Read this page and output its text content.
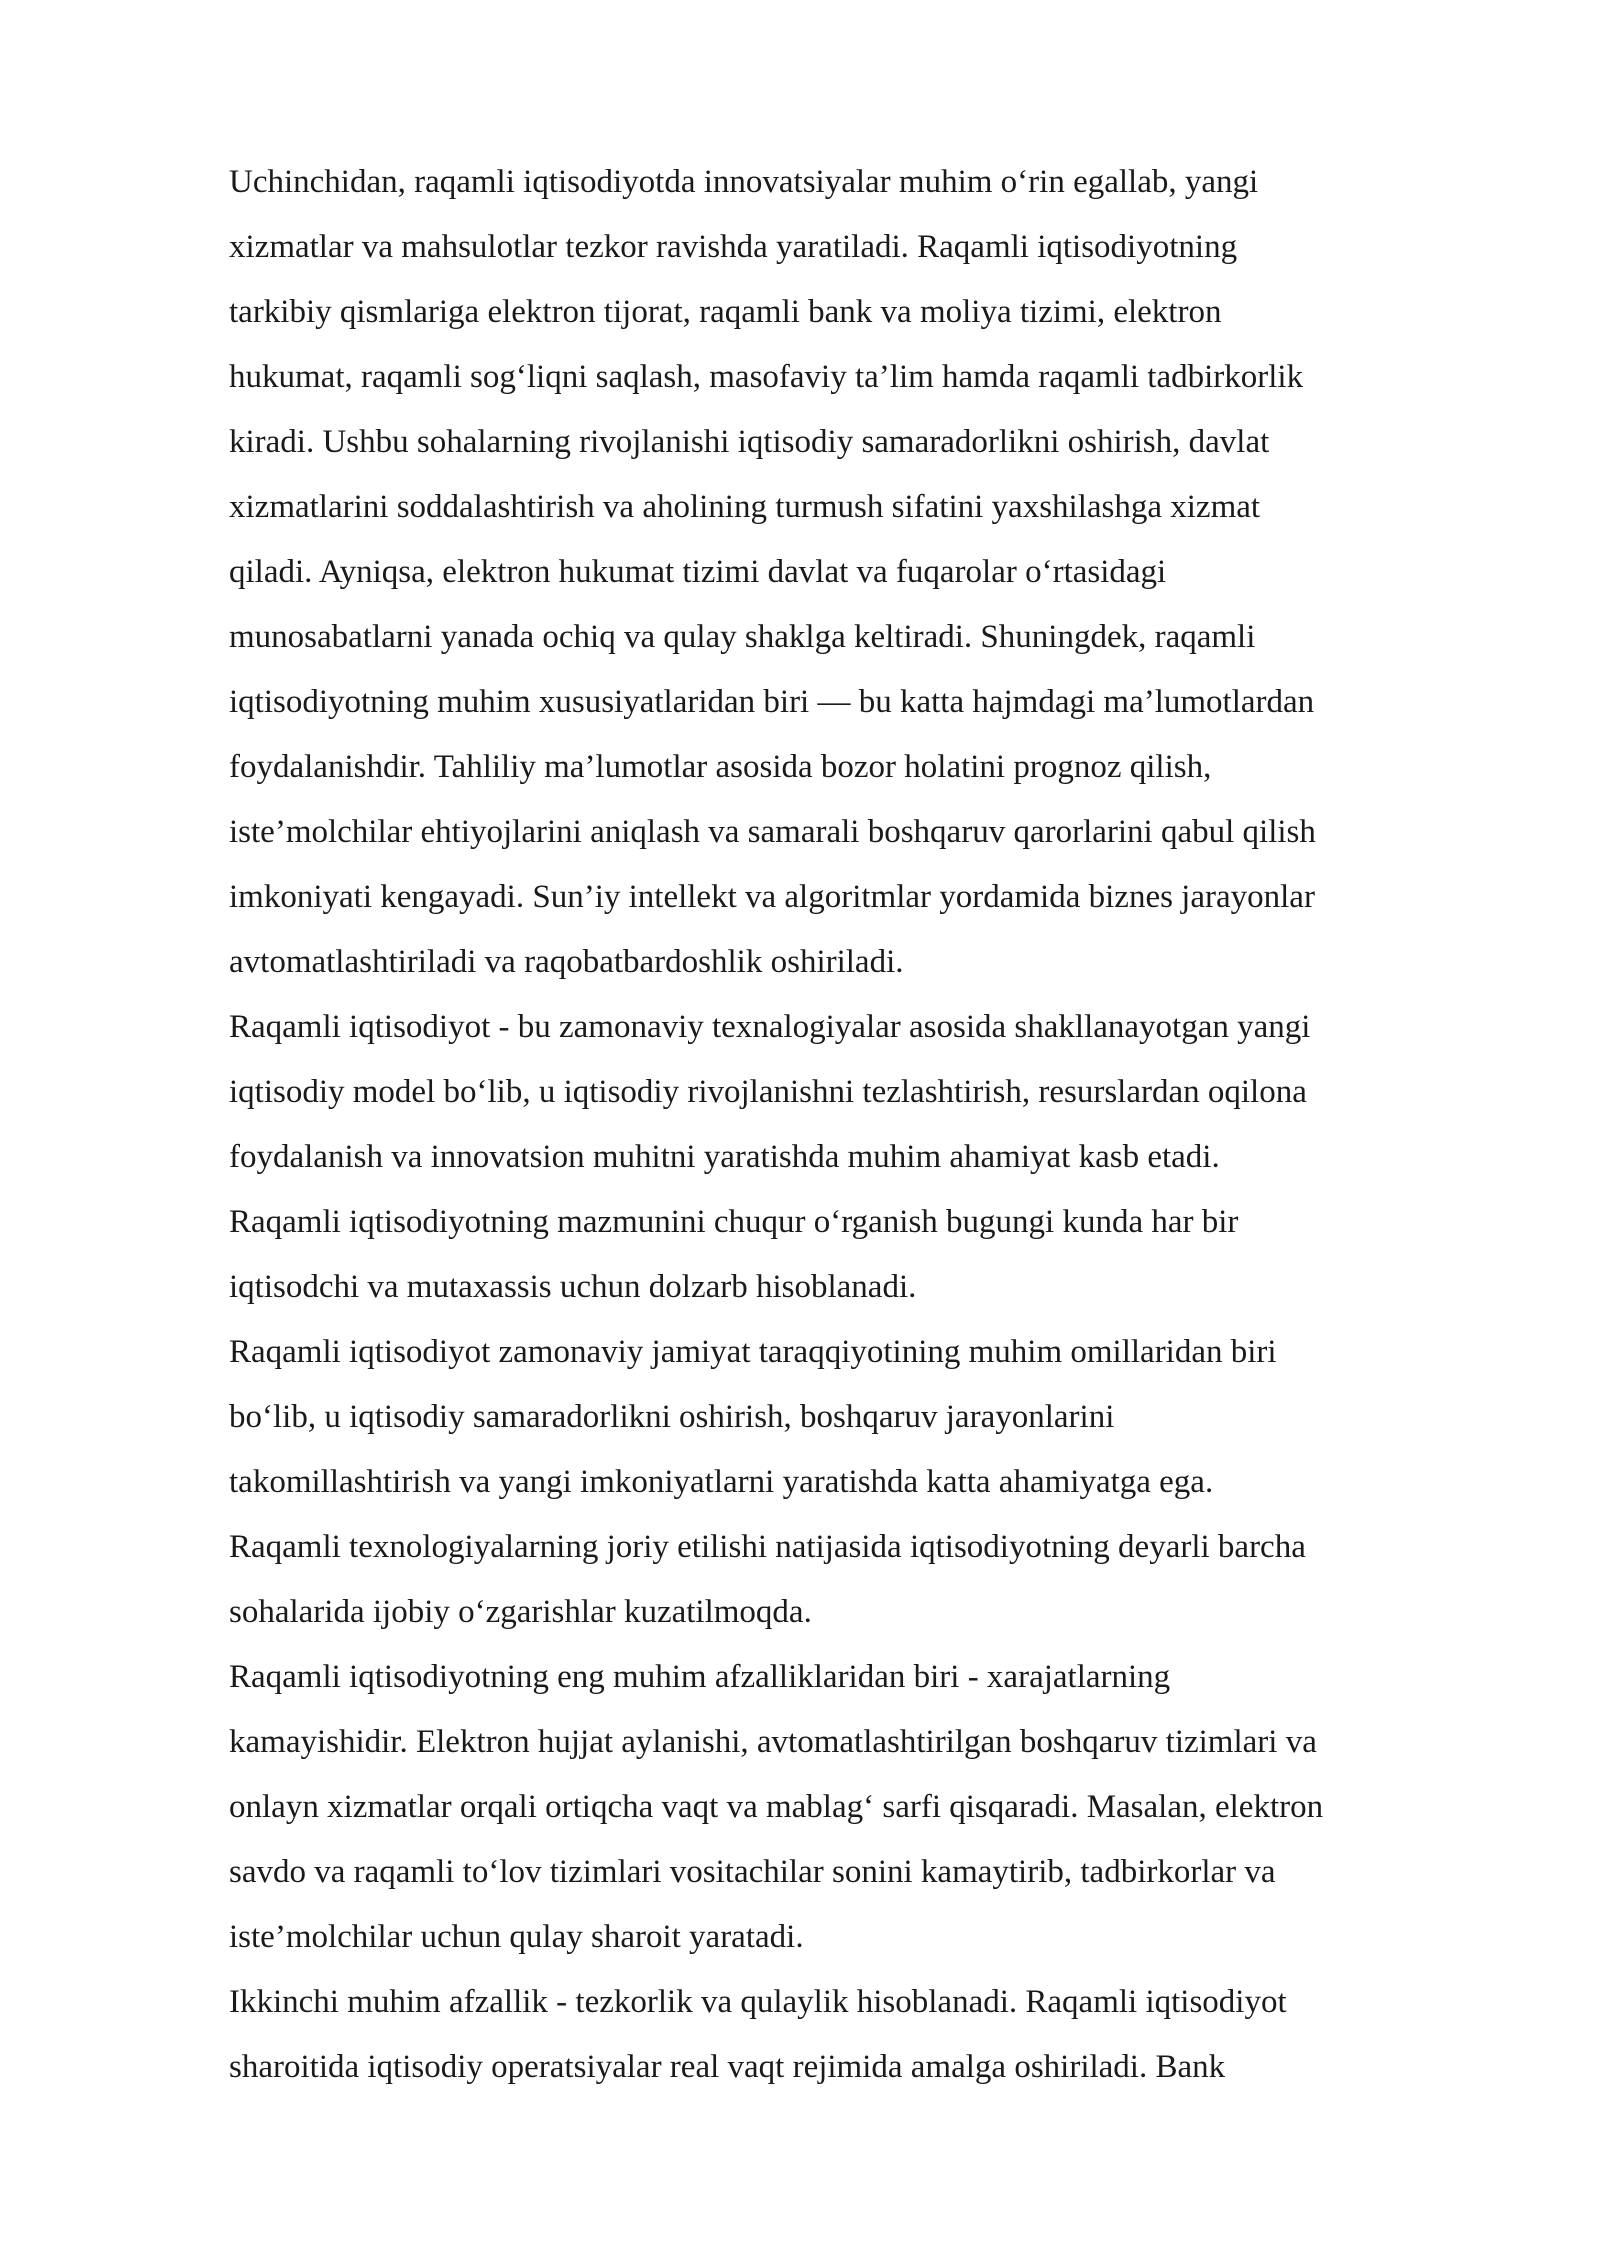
Uchinchidan, raqamli iqtisodiyotda innovatsiyalar muhim o‘rin egallab, yangi
xizmatlar va mahsulotlar tezkor ravishda yaratiladi. Raqamli iqtisodiyotning
tarkibiy qismlariga elektron tijorat, raqamli bank va moliya tizimi, elektron
hukumat, raqamli sog‘liqni saqlash, masofaviy ta’lim hamda raqamli tadbirkorlik
kiradi. Ushbu sohalarning rivojlanishi iqtisodiy samaradorlikni oshirish, davlat
xizmatlarini soddalashtirish va aholining turmush sifatini yaxshilashga xizmat
qiladi. Ayniqsa, elektron hukumat tizimi davlat va fuqarolar o‘rtasidagi
munosabatlarni yanada ochiq va qulay shaklga keltiradi. Shuningdek, raqamli
iqtisodiyotning muhim xususiyatlaridan biri — bu katta hajmdagi ma’lumotlardan
foydalanishdir. Tahliliy ma’lumotlar asosida bozor holatini prognoz qilish,
iste’molchilar ehtiyojlarini aniqlash va samarali boshqaruv qarorlarini qabul qilish
imkoniyati kengayadi. Sun’iy intellekt va algoritmlar yordamida biznes jarayonlar
avtomatlashtiriladi va raqobatbardoshlik oshiriladi.
Raqamli iqtisodiyot - bu zamonaviy texnalogiyalar asosida shakllanayotgan yangi
iqtisodiy model bo‘lib, u iqtisodiy rivojlanishni tezlashtirish, resurslardan oqilona
foydalanish va innovatsion muhitni yaratishda muhim ahamiyat kasb etadi.
Raqamli iqtisodiyotning mazmunini chuqur o‘rganish bugungi kunda har bir
iqtisodchi va mutaxassis uchun dolzarb hisoblanadi.
Raqamli iqtisodiyot zamonaviy jamiyat taraqqiyotining muhim omillaridan biri
bo‘lib, u iqtisodiy samaradorlikni oshirish, boshqaruv jarayonlarini
takomillashtirish va yangi imkoniyatlarni yaratishda katta ahamiyatga ega.
Raqamli texnologiyalarning joriy etilishi natijasida iqtisodiyotning deyarli barcha
sohalarida ijobiy o‘zgarishlar kuzatilmoqda.
Raqamli iqtisodiyotning eng muhim afzalliklaridan biri - xarajatlarning
kamayishidir. Elektron hujjat aylanishi, avtomatlashtirilgan boshqaruv tizimlari va
onlayn xizmatlar orqali ortiqcha vaqt va mablag‘ sarfi qisqaradi. Masalan, elektron
savdo va raqamli to‘lov tizimlari vositachilar sonini kamaytirib, tadbirkorlar va
iste’molchilar uchun qulay sharoit yaratadi.
Ikkinchi muhim afzallik - tezkorlik va qulaylik hisoblanadi. Raqamli iqtisodiyot
sharoitida iqtisodiy operatsiyalar real vaqt rejimida amalga oshiriladi. Bank
